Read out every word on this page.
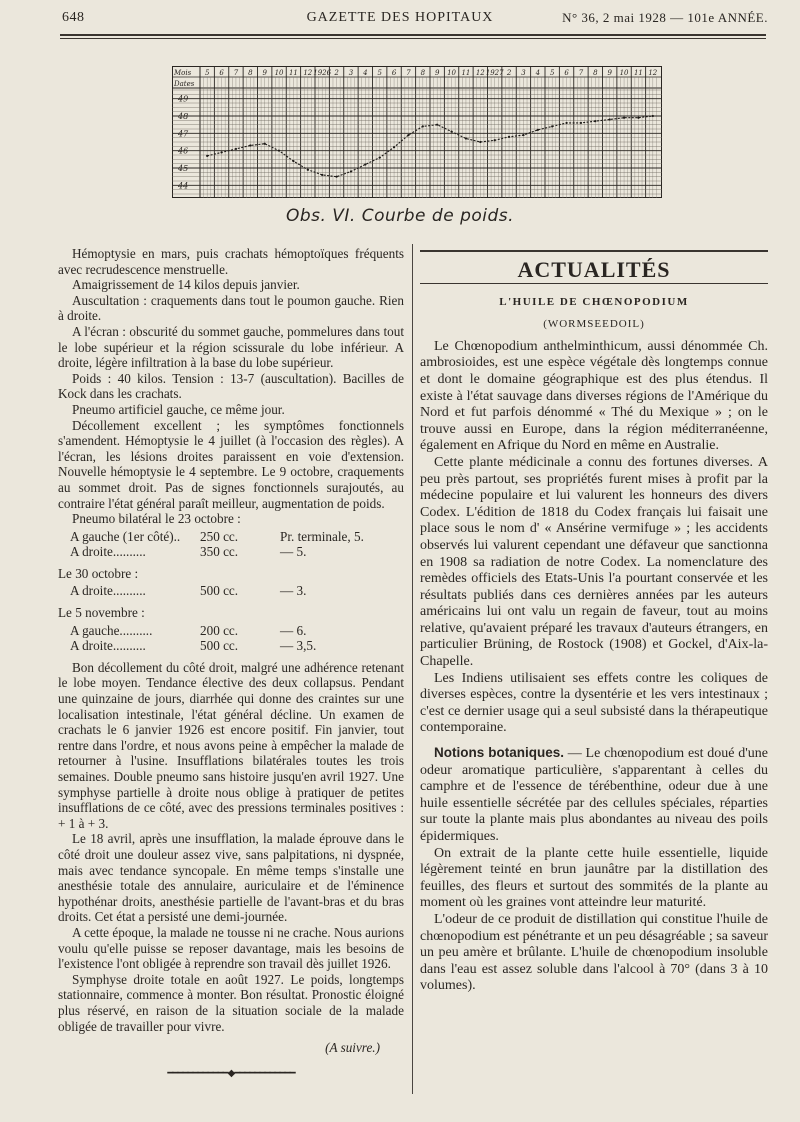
648	GAZETTE DES HOPITAUX	N° 36, 2 mai 1928 — 101e ANNÉE.
Mois
Dates
5 6 7 8 9 10 11 12 1926 2 3 4 5 6 7 8 9 10 11 12 1927 2 3 4 5 6 7 8 9 10 11 12
49
48
47
46
45
44
Obs. VI. Courbe de poids.

Hémoptysie en mars, puis crachats hémoptoïques fréquents avec recrudescence menstruelle.

Amaigrissement de 14 kilos depuis janvier.

Auscultation : craquements dans tout le poumon gauche. Rien à droite.

A l'écran : obscurité du sommet gauche, pommelures dans tout le lobe supérieur et la région scissurale du lobe inférieur. A droite, légère infiltration à la base du lobe supérieur.

Poids : 40 kilos. Tension : 13-7 (auscultation). Bacilles de Kock dans les crachats.

Pneumo artificiel gauche, ce même jour.

Décollement excellent ; les symptômes fonctionnels s'amendent. Hémoptysie le 4 juillet (à l'occasion des règles). A l'écran, les lésions droites paraissent en voie d'extension. Nouvelle hémoptysie le 4 septembre. Le 9 octobre, craquements au sommet droit. Pas de signes fonctionnels surajoutés, au contraire l'état général paraît meilleur, augmentation de poids.

Pneumo bilatéral le 23 octobre :

A gauche (1er côté)..	250 cc.	Pr. terminale, 5.
A droite..........	350 cc.	— 5.

Le 30 octobre :

A droite..........	500 cc.	— 3.

Le 5 novembre :

A gauche..........	200 cc.	— 6.
A droite..........	500 cc.	— 3,5.

Bon décollement du côté droit, malgré une adhérence retenant le lobe moyen. Tendance élective des deux collapsus. Pendant une quinzaine de jours, diarrhée qui donne des craintes sur une localisation intestinale, l'état général décline. Un examen de crachats le 6 janvier 1926 est encore positif. Fin janvier, tout rentre dans l'ordre, et nous avons peine à empêcher la malade de retourner à l'usine. Insufflations bilatérales toutes les trois semaines. Double pneumo sans histoire jusqu'en avril 1927. Une symphyse partielle à droite nous oblige à pratiquer de petites insufflations de ce côté, avec des pressions terminales positives : + 1 à + 3.

Le 18 avril, après une insufflation, la malade éprouve dans le côté droit une douleur assez vive, sans palpitations, ni dyspnée, mais avec tendance syncopale. En même temps s'installe une anesthésie totale des annulaire, auriculaire et de l'éminence hypothénar droits, anesthésie partielle de l'avant-bras et du bras droits. Cet état a persisté une demi-journée.

A cette époque, la malade ne tousse ni ne crache. Nous aurions voulu qu'elle puisse se reposer davantage, mais les besoins de l'existence l'ont obligée à reprendre son travail dès juillet 1926.

Symphyse droite totale en août 1927. Le poids, longtemps stationnaire, commence à monter. Bon résultat. Pronostic éloigné plus réservé, en raison de la situation sociale de la malade obligée de travailler pour vivre.

(A suivre.)
━━━━━━━━━━━━◆━━━━━━━━━━━━
ACTUALITÉS
L'HUILE DE CHŒNOPODIUM
(WORMSEEDOIL)

Le Chœnopodium anthelminthicum, aussi dénommée Ch. ambrosioides, est une espèce végétale dès longtemps connue et dont le domaine géographique est des plus étendus. Il existe à l'état sauvage dans diverses régions de l'Amérique du Nord et fut parfois dénommé « Thé du Mexique » ; on le trouve aussi en Europe, dans la région méditerranéenne, également en Afrique du Nord en même en Australie.

Cette plante médicinale a connu des fortunes diverses. A peu près partout, ses propriétés furent mises à profit par la médecine populaire et lui valurent les honneurs des divers Codex. L'édition de 1818 du Codex français lui faisait une place sous le nom d' « Ansérine vermifuge » ; les accidents observés lui valurent cependant une défaveur que sanctionna en 1908 sa radiation de notre Codex. La nomenclature des remèdes officiels des Etats-Unis l'a pourtant conservée et les résultats publiés dans ces dernières années par les auteurs américains lui ont valu un regain de faveur, tout au moins relative, qu'avaient préparé les travaux d'auteurs étrangers, en particulier Brüning, de Rostock (1908) et Gockel, d'Aix-la-Chapelle.

Les Indiens utilisaient ses effets contre les coliques de diverses espèces, contre la dysentérie et les vers intestinaux ; c'est ce dernier usage qui a seul subsisté dans la thérapeutique contemporaine.

Notions botaniques. — Le chœnopodium est doué d'une odeur aromatique particulière, s'apparentant à celles du camphre et de l'essence de térébenthine, odeur due à une huile essentielle sécrétée par des cellules spéciales, réparties sur toute la plante mais plus abondantes au niveau des poils épidermiques.

On extrait de la plante cette huile essentielle, liquide légèrement teinté en brun jaunâtre par la distillation des feuilles, des fleurs et surtout des sommités de la plante au moment où les graines vont atteindre leur maturité.

L'odeur de ce produit de distillation qui constitue l'huile de chœnopodium est pénétrante et un peu désagréable ; sa saveur un peu amère et brûlante. L'huile de chœnopodium insoluble dans l'eau est assez soluble dans l'alcool à 70° (dans 3 à 10 volumes).
